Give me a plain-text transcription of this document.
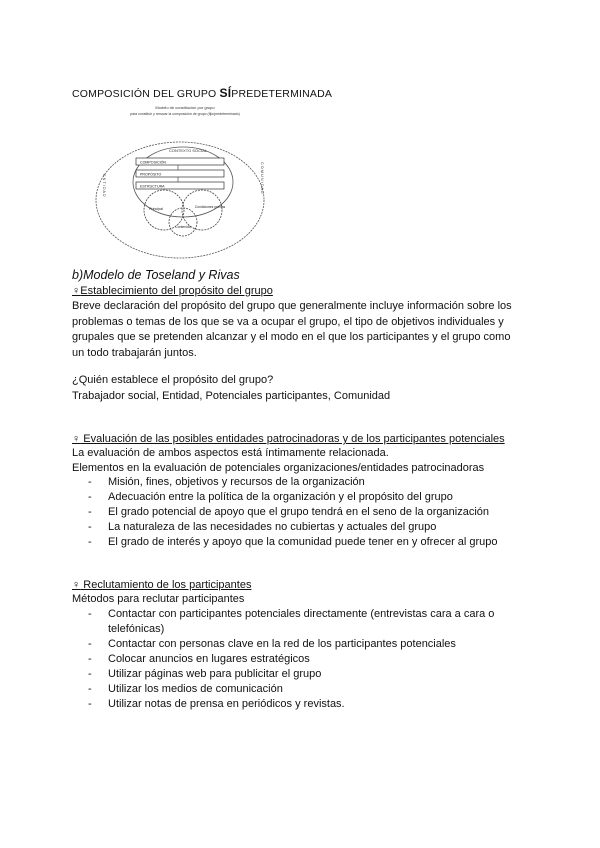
COMPOSICIÓN DEL GRUPO SÍPREDETERMINADA
Modelo de constitución por grupo
para constituir y renovar la composición de grupo (fijo/predeterminado)
CONTEXTO SOCIAL
COMPOSICIÓN
PROPÓSITO
ESTRUCTURA
Principal	Condiciones previas
Contenido
E N T I D A D	C O M U N I D A D
b)Modelo de Toseland y Rivas
♀Establecimiento del propósito del grupo
Breve declaración del propósito del grupo que generalmente incluye información sobre los
problemas o temas de los que se va a ocupar el grupo, el tipo de objetivos individuales y
grupales que se pretenden alcanzar y el modo en el que los participantes y el grupo como
un todo trabajarán juntos.
¿Quién establece el propósito del grupo?
Trabajador social, Entidad, Potenciales participantes, Comunidad
♀ Evaluación de las posibles entidades patrocinadoras y de los participantes potenciales
La evaluación de ambos aspectos está íntimamente relacionada.
Elementos en la evaluación de potenciales organizaciones/entidades patrocinadoras
- Misión, fines, objetivos y recursos de la organización
- Adecuación entre la política de la organización y el propósito del grupo
- El grado potencial de apoyo que el grupo tendrá en el seno de la organización
- La naturaleza de las necesidades no cubiertas y actuales del grupo
- El grado de interés y apoyo que la comunidad puede tener en y ofrecer al grupo
♀ Reclutamiento de los participantes
Métodos para reclutar participantes
- Contactar con participantes potenciales directamente (entrevistas cara a cara o telefónicas)
- Contactar con personas clave en la red de los participantes potenciales
- Colocar anuncios en lugares estratégicos
- Utilizar páginas web para publicitar el grupo
- Utilizar los medios de comunicación
- Utilizar notas de prensa en periódicos y revistas.
